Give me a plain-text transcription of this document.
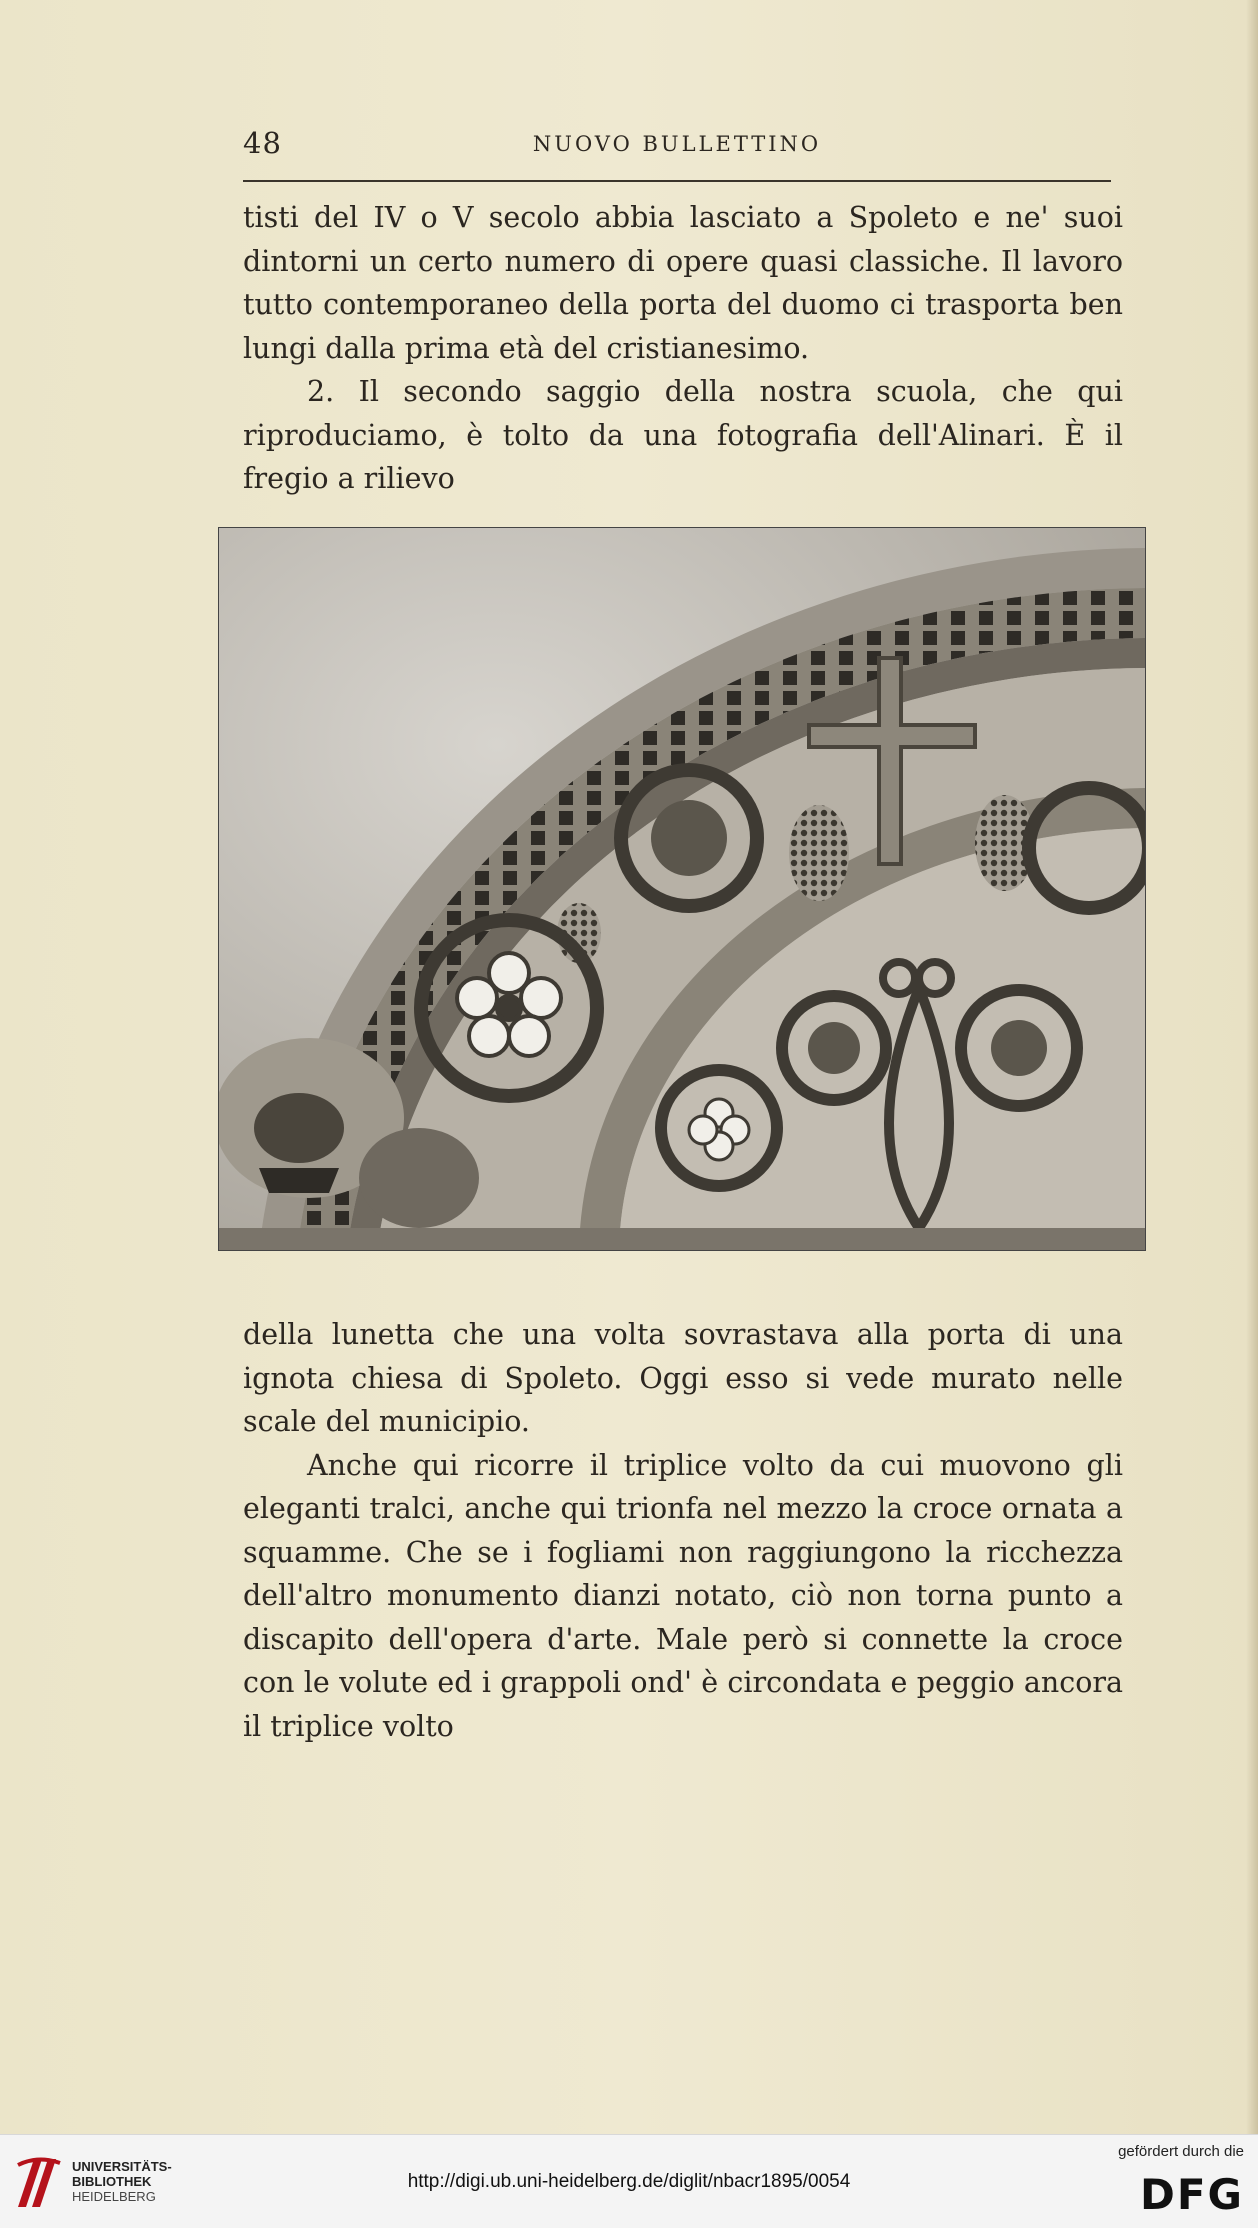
48	NUOVO BULLETTINO

tisti del IV o V secolo abbia lasciato a Spoleto e ne' suoi dintorni un certo numero di opere quasi classiche. Il lavoro tutto contemporaneo della porta del duomo ci trasporta ben lungi dalla prima età del cristianesimo.

2. Il secondo saggio della nostra scuola, che qui riproduciamo, è tolto da una fotografia dell'Alinari. È il fregio a rilievo

della lunetta che una volta sovrastava alla porta di una ignota chiesa di Spoleto. Oggi esso si vede murato nelle scale del municipio.

Anche qui ricorre il triplice volto da cui muovono gli eleganti tralci, anche qui trionfa nel mezzo la croce ornata a squamme. Che se i fogliami non raggiungono la ricchezza dell'altro monumento dianzi notato, ciò non torna punto a discapito dell'opera d'arte. Male però si connette la croce con le volute ed i grappoli ond' è circondata e peggio ancora il triplice volto

UNIVERSITÄTS-
BIBLIOTHEK
HEIDELBERG
http://digi.ub.uni-heidelberg.de/diglit/nbacr1895/0054
gefördert durch die
DFG
